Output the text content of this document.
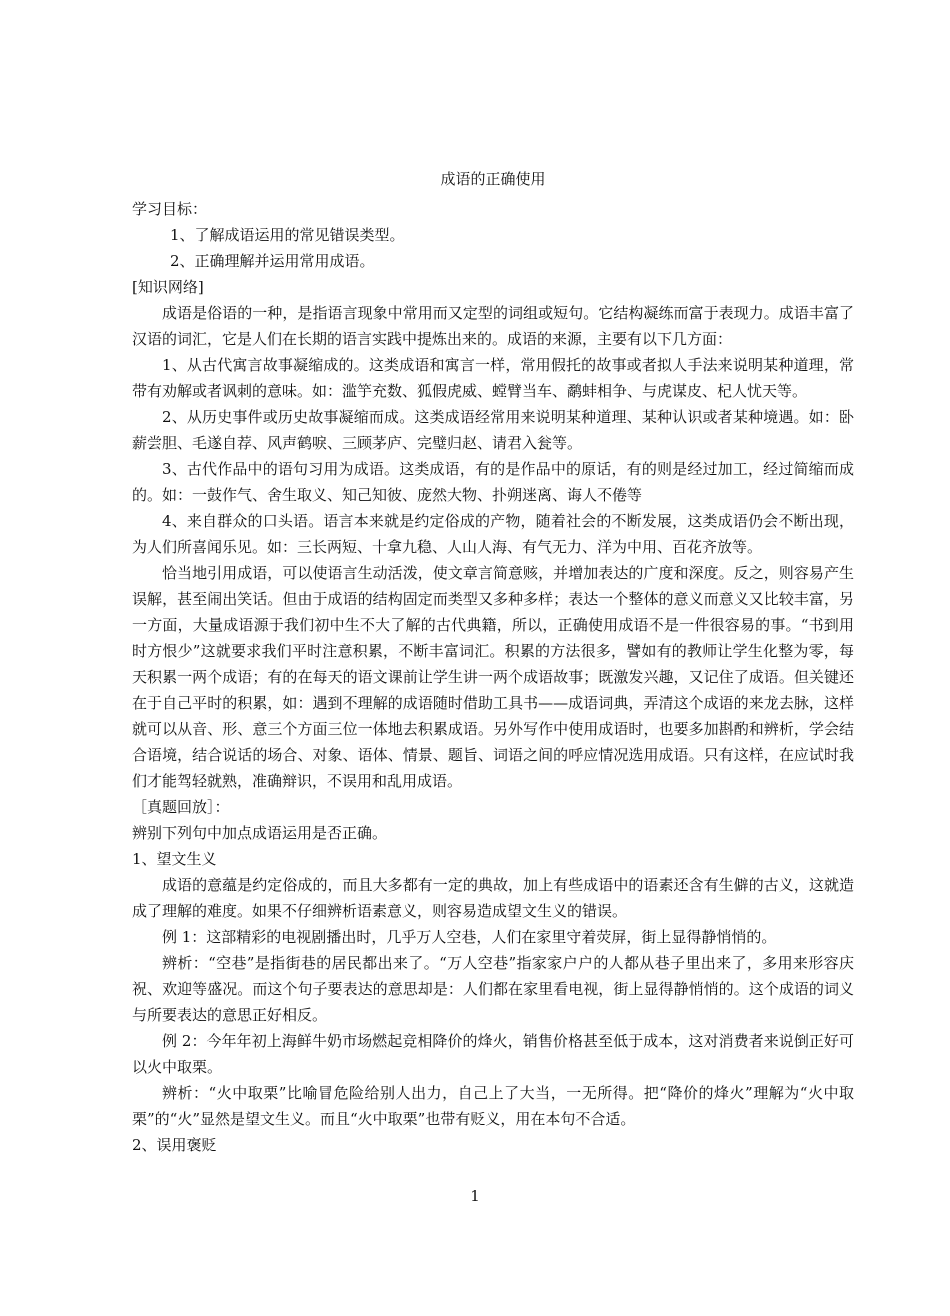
成语的正确使用

学习目标：

1、了解成语运用的常见错误类型。

2、正确理解并运用常用成语。

[知识网络]

成语是俗语的一种，是指语言现象中常用而又定型的词组或短句。它结构凝练而富于表现力。成语丰富了汉语的词汇，它是人们在长期的语言实践中提炼出来的。成语的来源，主要有以下几方面：

1、从古代寓言故事凝缩成的。这类成语和寓言一样，常用假托的故事或者拟人手法来说明某种道理，常带有劝解或者讽刺的意味。如：滥竽充数、狐假虎威、螳臂当车、鹬蚌相争、与虎谋皮、杞人忧天等。

2、从历史事件或历史故事凝缩而成。这类成语经常用来说明某种道理、某种认识或者某种境遇。如：卧薪尝胆、毛遂自荐、风声鹤唳、三顾茅庐、完璧归赵、请君入瓮等。

3、古代作品中的语句习用为成语。这类成语，有的是作品中的原话，有的则是经过加工，经过简缩而成的。如：一鼓作气、舍生取义、知己知彼、庞然大物、扑朔迷离、诲人不倦等

4、来自群众的口头语。语言本来就是约定俗成的产物，随着社会的不断发展，这类成语仍会不断出现，为人们所喜闻乐见。如：三长两短、十拿九稳、人山人海、有气无力、洋为中用、百花齐放等。

恰当地引用成语，可以使语言生动活泼，使文章言简意赅，并增加表达的广度和深度。反之，则容易产生误解，甚至闹出笑话。但由于成语的结构固定而类型又多种多样；表达一个整体的意义而意义又比较丰富，另一方面，大量成语源于我们初中生不大了解的古代典籍，所以，正确使用成语不是一件很容易的事。“书到用时方恨少”这就要求我们平时注意积累，不断丰富词汇。积累的方法很多，譬如有的教师让学生化整为零，每天积累一两个成语；有的在每天的语文课前让学生讲一两个成语故事；既激发兴趣，又记住了成语。但关键还在于自己平时的积累，如：遇到不理解的成语随时借助工具书——成语词典，弄清这个成语的来龙去脉，这样就可以从音、形、意三个方面三位一体地去积累成语。另外写作中使用成语时，也要多加斟酌和辨析，学会结合语境，结合说话的场合、对象、语体、情景、题旨、词语之间的呼应情况选用成语。只有这样，在应试时我们才能驾轻就熟，准确辩识，不误用和乱用成语。

［真题回放］：

辨别下列句中加点成语运用是否正确。

1、望文生义

成语的意蕴是约定俗成的，而且大多都有一定的典故，加上有些成语中的语素还含有生僻的古义，这就造成了理解的难度。如果不仔细辨析语素意义，则容易造成望文生义的错误。

例 1：这部精彩的电视剧播出时，几乎万人空巷，人们在家里守着荧屏，街上显得静悄悄的。

辨析：“空巷”是指街巷的居民都出来了。“万人空巷”指家家户户的人都从巷子里出来了，多用来形容庆祝、欢迎等盛况。而这个句子要表达的意思却是：人们都在家里看电视，街上显得静悄悄的。这个成语的词义与所要表达的意思正好相反。

例 2：今年年初上海鲜牛奶市场燃起竞相降价的烽火，销售价格甚至低于成本，这对消费者来说倒正好可以火中取栗。

辨析：“火中取栗”比喻冒危险给别人出力，自己上了大当，一无所得。把“降价的烽火”理解为“火中取栗”的“火”显然是望文生义。而且“火中取栗”也带有贬义，用在本句不合适。

2、误用褒贬

1
